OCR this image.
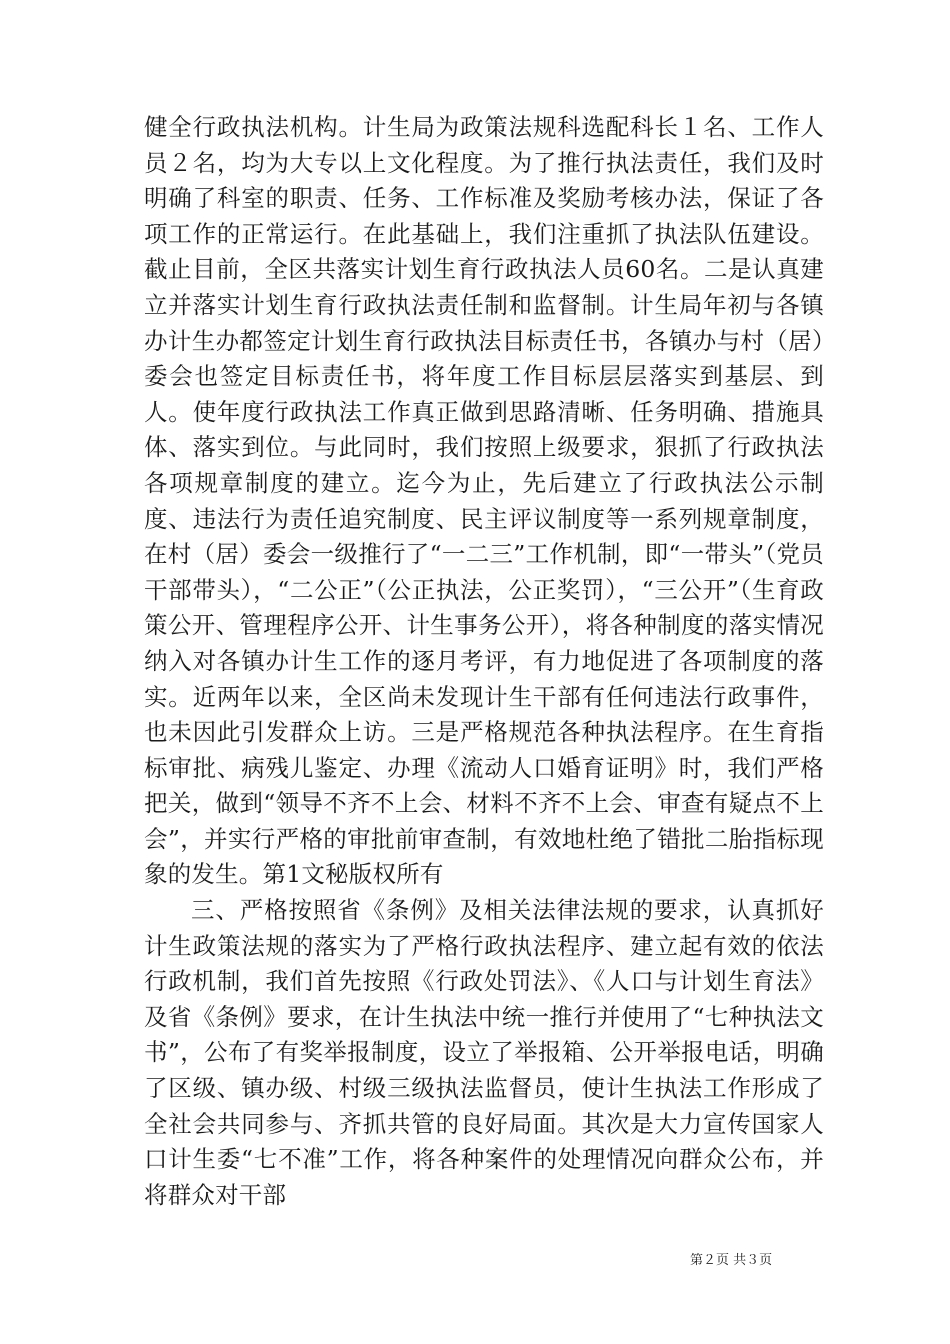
健全行政执法机构。计生局为政策法规科选配科长１名、工作人员２名，均为大专以上文化程度。为了推行执法责任，我们及时明确了科室的职责、任务、工作标准及奖励考核办法，保证了各项工作的正常运行。在此基础上，我们注重抓了执法队伍建设。截止目前，全区共落实计划生育行政执法人员60名。二是认真建立并落实计划生育行政执法责任制和监督制。计生局年初与各镇办计生办都签定计划生育行政执法目标责任书，各镇办与村（居）委会也签定目标责任书，将年度工作目标层层落实到基层、到人。使年度行政执法工作真正做到思路清晰、任务明确、措施具体、落实到位。与此同时，我们按照上级要求，狠抓了行政执法各项规章制度的建立。迄今为止，先后建立了行政执法公示制度、违法行为责任追究制度、民主评议制度等一系列规章制度，在村（居）委会一级推行了“一二三”工作机制，即“一带头”（党员干部带头），“二公正”（公正执法，公正奖罚），“三公开”（生育政策公开、管理程序公开、计生事务公开），将各种制度的落实情况纳入对各镇办计生工作的逐月考评，有力地促进了各项制度的落实。近两年以来，全区尚未发现计生干部有任何违法行政事件，也未因此引发群众上访。三是严格规范各种执法程序。在生育指标审批、病残儿鉴定、办理《流动人口婚育证明》时，我们严格把关，做到“领导不齐不上会、材料不齐不上会、审查有疑点不上会”，并实行严格的审批前审查制，有效地杜绝了错批二胎指标现象的发生。第1文秘版权所有

三、严格按照省《条例》及相关法律法规的要求，认真抓好计生政策法规的落实为了严格行政执法程序、建立起有效的依法行政机制，我们首先按照《行政处罚法》、《人口与计划生育法》及省《条例》要求，在计生执法中统一推行并使用了“七种执法文书”，公布了有奖举报制度，设立了举报箱、公开举报电话，明确了区级、镇办级、村级三级执法监督员，使计生执法工作形成了全社会共同参与、齐抓共管的良好局面。其次是大力宣传国家人口计生委“七不准”工作，将各种案件的处理情况向群众公布，并将群众对干部

第２页 共３页
